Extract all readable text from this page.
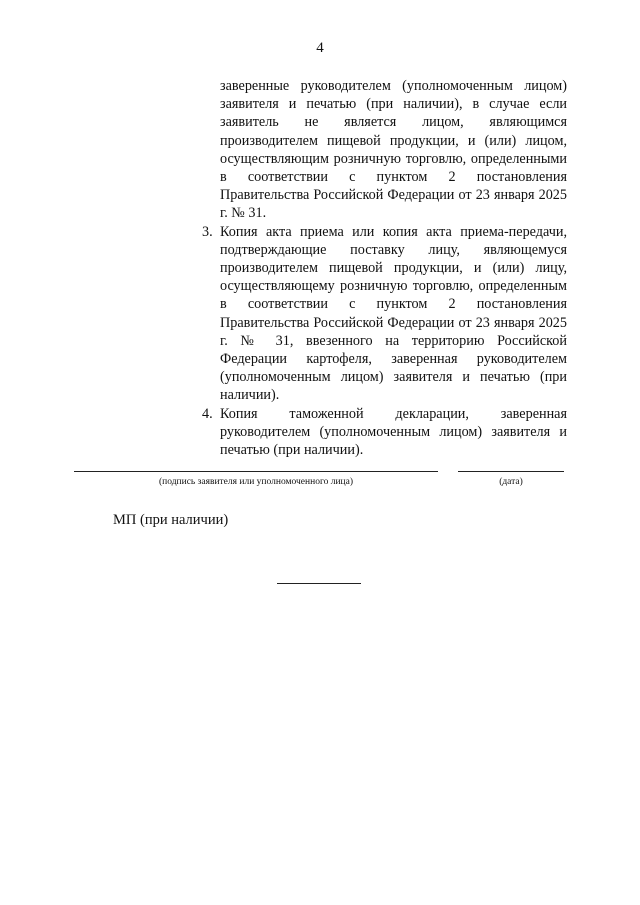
4
заверенные руководителем (уполномоченным лицом) заявителя и печатью (при наличии), в случае если заявитель не является лицом, являющимся производителем пищевой продукции, и (или) лицом, осуществляющим розничную торговлю, определенными в соответствии с пунктом 2 постановления Правительства Российской Федерации от 23 января 2025 г. № 31.
3. Копия акта приема или копия акта приема-передачи, подтверждающие поставку лицу, являющемуся производителем пищевой продукции, и (или) лицу, осуществляющему розничную торговлю, определенным в соответствии с пунктом 2 постановления Правительства Российской Федерации от 23 января 2025 г. № 31, ввезенного на территорию Российской Федерации картофеля, заверенная руководителем (уполномоченным лицом) заявителя и печатью (при наличии).
4. Копия таможенной декларации, заверенная руководителем (уполномоченным лицом) заявителя и печатью (при наличии).
(подпись заявителя или уполномоченного лица)	(дата)
МП (при наличии)
